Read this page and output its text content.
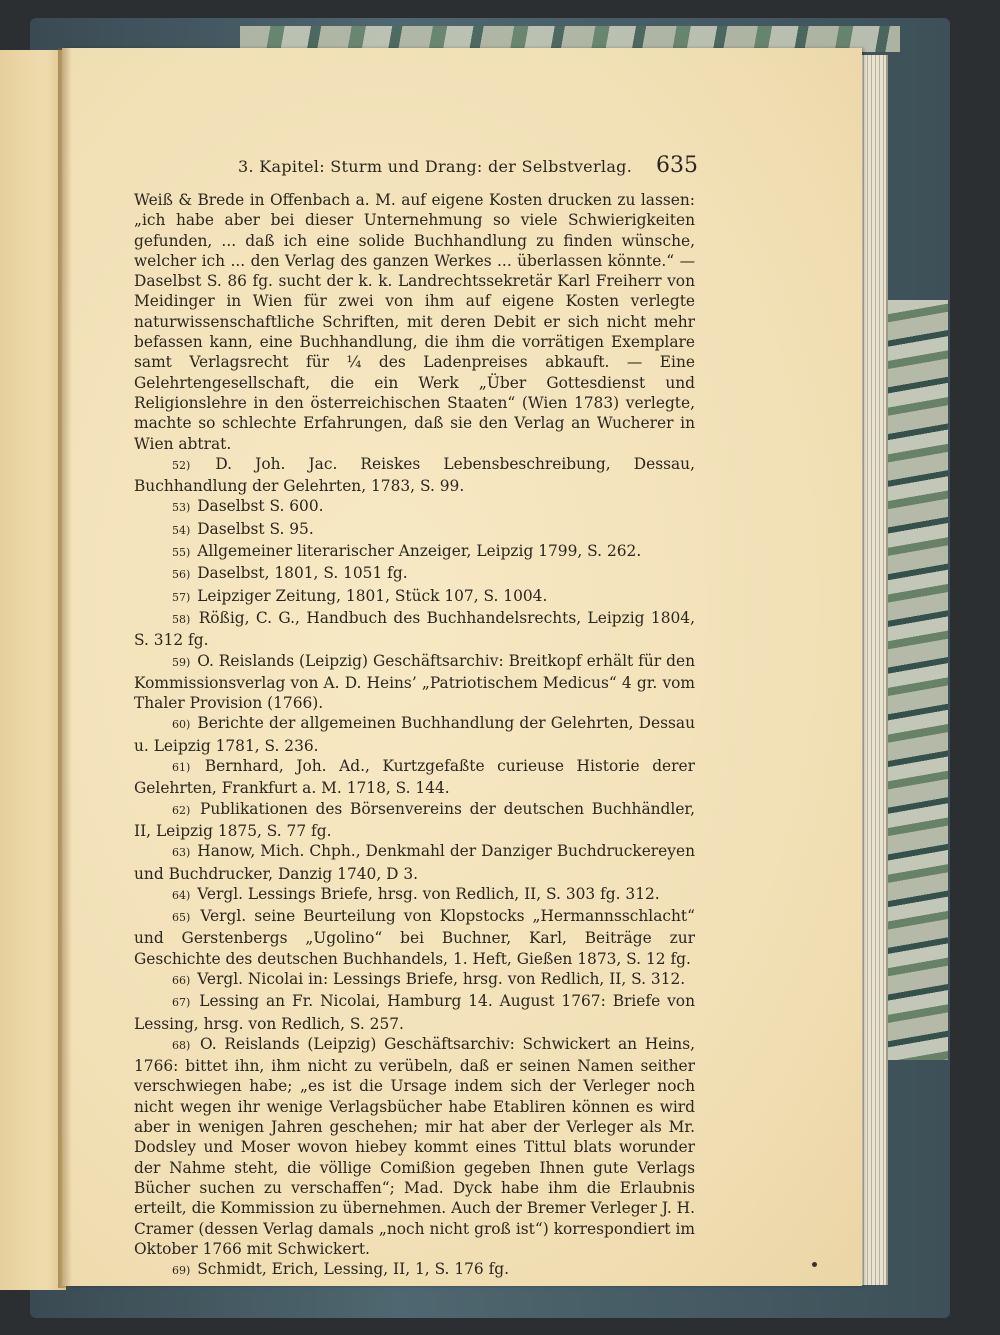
3. Kapitel: Sturm und Drang: der Selbstverlag. 635

Weiß & Brede in Offenbach a. M. auf eigene Kosten drucken zu lassen: „ich habe aber bei dieser Unternehmung so viele Schwierigkeiten gefunden, ... daß ich eine solide Buchhandlung zu finden wünsche, welcher ich ... den Verlag des ganzen Werkes ... überlassen könnte.“ — Daselbst S. 86 fg. sucht der k. k. Landrechtssekretär Karl Freiherr von Meidinger in Wien für zwei von ihm auf eigene Kosten verlegte naturwissenschaftliche Schriften, mit deren Debit er sich nicht mehr befassen kann, eine Buchhandlung, die ihm die vorrätigen Exemplare samt Verlagsrecht für ¼ des Ladenpreises abkauft. — Eine Gelehrtengesellschaft, die ein Werk „Über Gottesdienst und Religionslehre in den österreichischen Staaten“ (Wien 1783) verlegte, machte so schlechte Erfahrungen, daß sie den Verlag an Wucherer in Wien abtrat.

52) D. Joh. Jac. Reiskes Lebensbeschreibung, Dessau, Buchhandlung der Gelehrten, 1783, S. 99.

53) Daselbst S. 600.

54) Daselbst S. 95.

55) Allgemeiner literarischer Anzeiger, Leipzig 1799, S. 262.

56) Daselbst, 1801, S. 1051 fg.

57) Leipziger Zeitung, 1801, Stück 107, S. 1004.

58) Rößig, C. G., Handbuch des Buchhandelsrechts, Leipzig 1804, S. 312 fg.

59) O. Reislands (Leipzig) Geschäftsarchiv: Breitkopf erhält für den Kommissionsverlag von A. D. Heins’ „Patriotischem Medicus“ 4 gr. vom Thaler Provision (1766).

60) Berichte der allgemeinen Buchhandlung der Gelehrten, Dessau u. Leipzig 1781, S. 236.

61) Bernhard, Joh. Ad., Kurtzgefaßte curieuse Historie derer Gelehrten, Frankfurt a. M. 1718, S. 144.

62) Publikationen des Börsenvereins der deutschen Buchhändler, II, Leipzig 1875, S. 77 fg.

63) Hanow, Mich. Chph., Denkmahl der Danziger Buchdruckereyen und Buchdrucker, Danzig 1740, D 3.

64) Vergl. Lessings Briefe, hrsg. von Redlich, II, S. 303 fg. 312.

65) Vergl. seine Beurteilung von Klopstocks „Hermannsschlacht“ und Gerstenbergs „Ugolino“ bei Buchner, Karl, Beiträge zur Geschichte des deutschen Buchhandels, 1. Heft, Gießen 1873, S. 12 fg.

66) Vergl. Nicolai in: Lessings Briefe, hrsg. von Redlich, II, S. 312.

67) Lessing an Fr. Nicolai, Hamburg 14. August 1767: Briefe von Lessing, hrsg. von Redlich, S. 257.

68) O. Reislands (Leipzig) Geschäftsarchiv: Schwickert an Heins, 1766: bittet ihn, ihm nicht zu verübeln, daß er seinen Namen seither verschwiegen habe; „es ist die Ursage indem sich der Verleger noch nicht wegen ihr wenige Verlagsbücher habe Etabliren können es wird aber in wenigen Jahren geschehen; mir hat aber der Verleger als Mr. Dodsley und Moser wovon hiebey kommt eines Tittul blats worunder der Nahme steht, die völlige Comißion gegeben Ihnen gute Verlags Bücher suchen zu verschaffen“; Mad. Dyck habe ihm die Erlaubnis erteilt, die Kommission zu übernehmen. Auch der Bremer Verleger J. H. Cramer (dessen Verlag damals „noch nicht groß ist“) korrespondiert im Oktober 1766 mit Schwickert.

69) Schmidt, Erich, Lessing, II, 1, S. 176 fg.
